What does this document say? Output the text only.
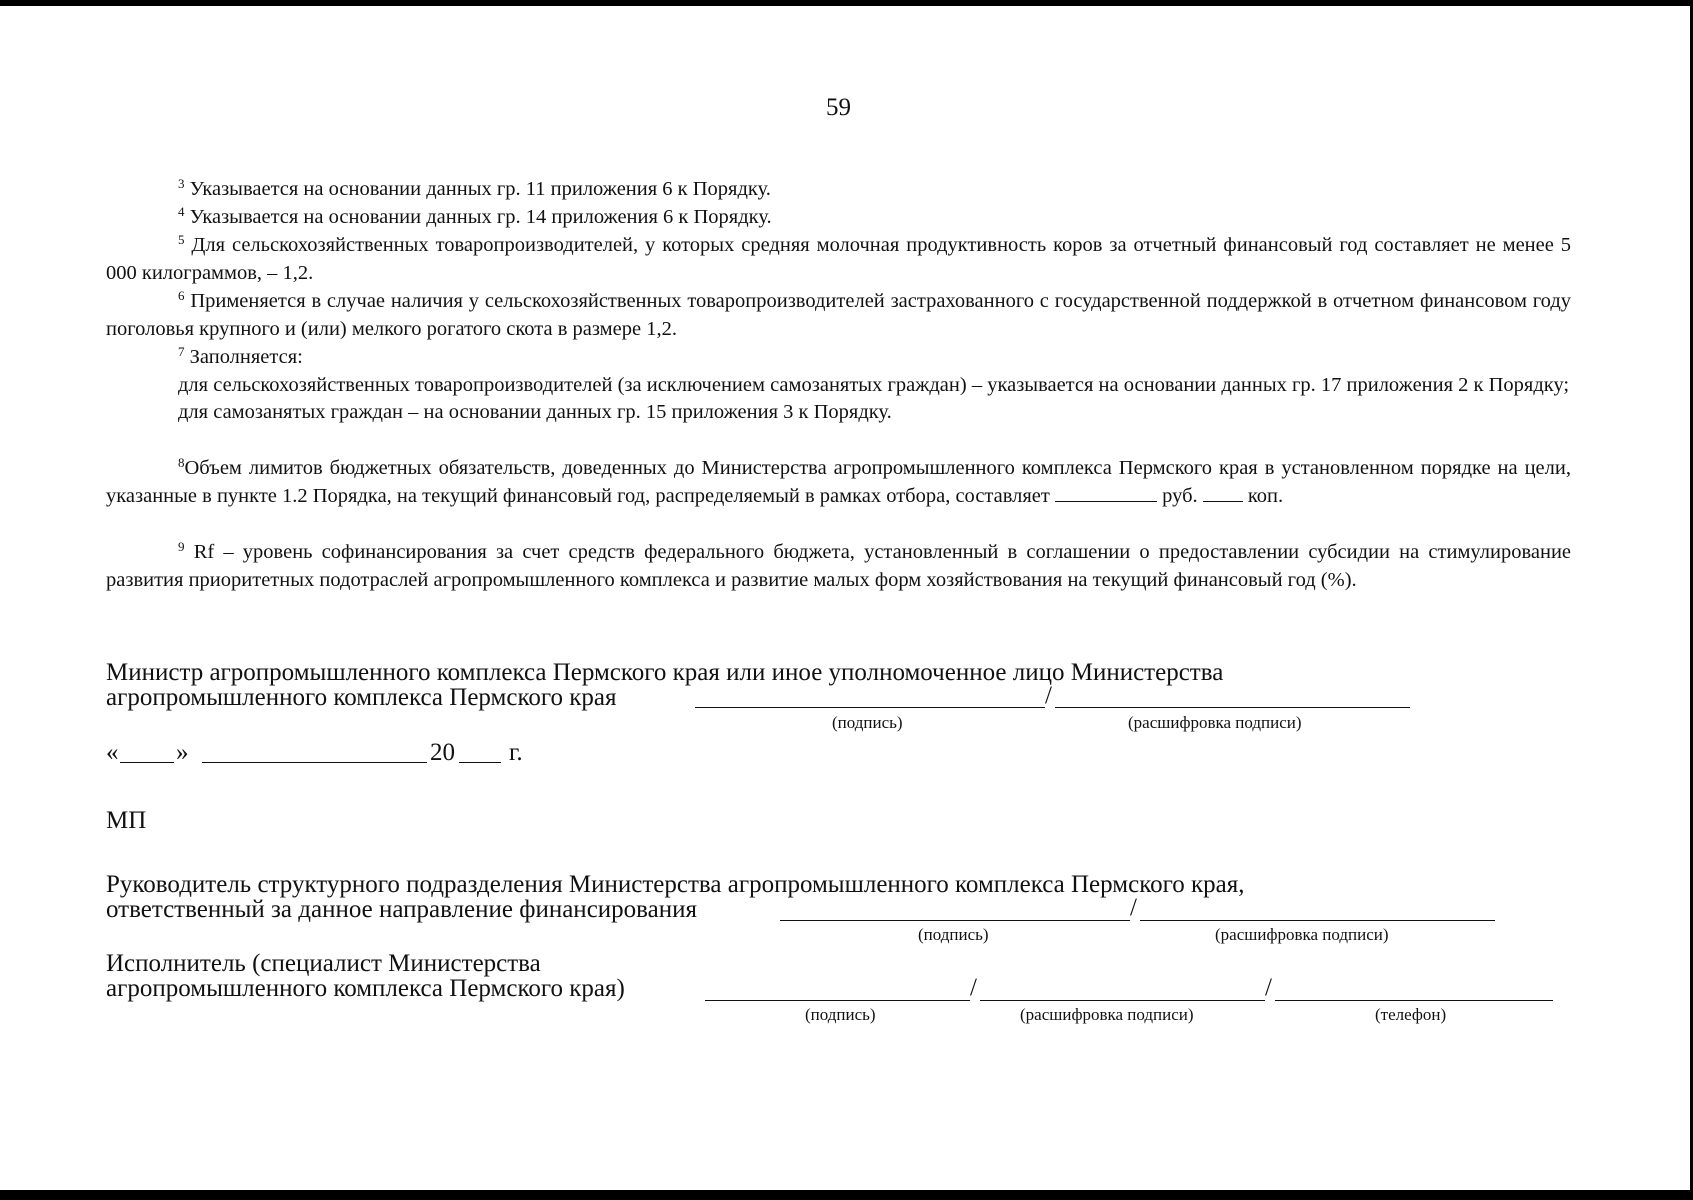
59

$^3$ Указывается на основании данных гр. 11 приложения 6 к Порядку.

$^4$ Указывается на основании данных гр. 14 приложения 6 к Порядку.

$^5$ Для сельскохозяйственных товаропроизводителей, у которых средняя молочная продуктивность коров за отчетный финансовый год составляет не менее 5 000 килограммов, – 1,2.

$^6$ Применяется в случае наличия у сельскохозяйственных товаропроизводителей застрахованного с государственной поддержкой в отчетном финансовом году поголовья крупного и (или) мелкого рогатого скота в размере 1,2.

$^7$ Заполняется:

для сельскохозяйственных товаропроизводителей (за исключением самозанятых граждан) – указывается на основании данных гр. 17 приложения 2 к Порядку;

для самозанятых граждан – на основании данных гр. 15 приложения 3 к Порядку.

$^8$Объем лимитов бюджетных обязательств, доведенных до Министерства агропромышленного комплекса Пермского края в установленном порядке на цели, указанные в пункте 1.2 Порядка, на текущий финансовый год, распределяемый в рамках отбора, составляет	руб. коп.

$^9$ Rf – уровень софинансирования за счет средств федерального бюджета, установленный в соглашении о предоставлении субсидии на стимулирование развития приоритетных подотраслей агропромышленного комплекса и развитие малых форм хозяйствования на текущий финансовый год (%).

Министр агропромышленного комплекса Пермского края или иное уполномоченное лицо Министерства
агропромышленного комплекса Пермского края	/
(подпись)	(расшифровка подписи)
« »	20 г.
МП
Руководитель структурного подразделения Министерства агропромышленного комплекса Пермского края,
ответственный за данное направление финансирования	/
(подпись)	(расшифровка подписи)
Исполнитель (специалист Министерства
агропромышленного комплекса Пермского края)	/	/
(подпись)	(расшифровка подписи)	(телефон)
